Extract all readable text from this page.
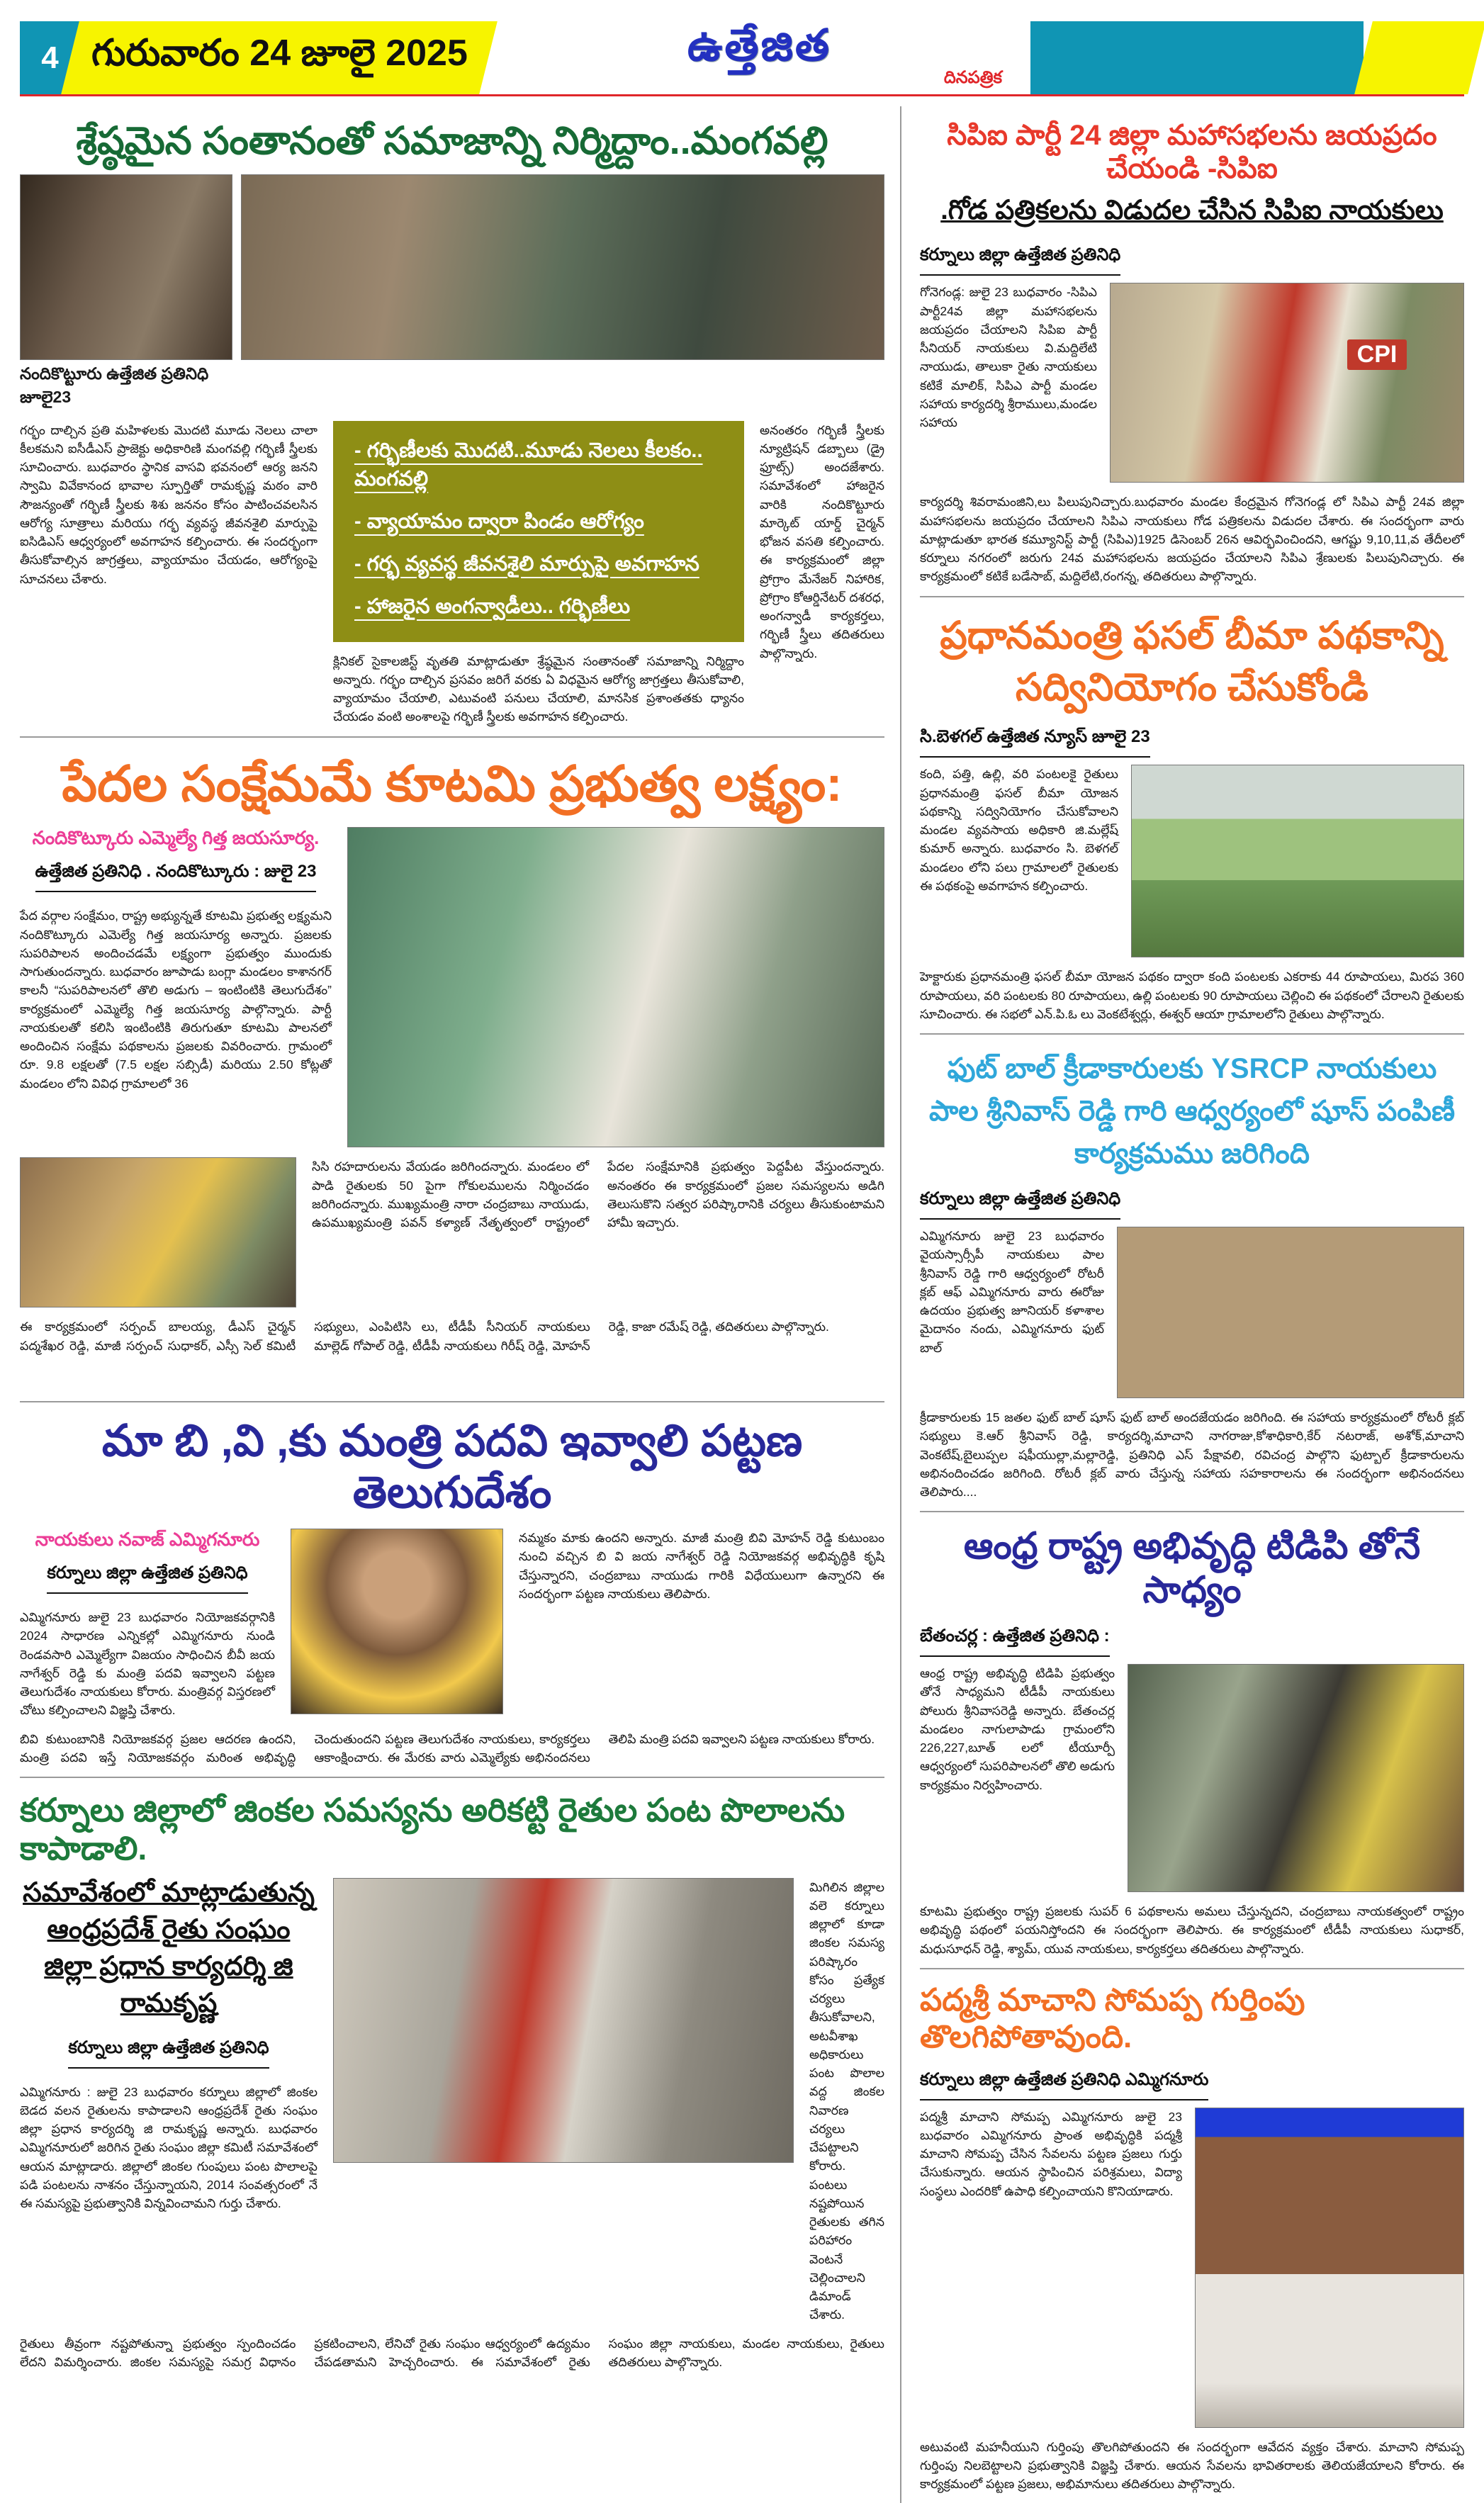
4 గురువారం 24 జూలై 2025	ఉత్తేజిత
దినపత్రిక
శ్రేష్ఠమైన సంతానంతో సమాజాన్ని నిర్మిద్దాం..మంగవల్లి
నందికొట్టూరు ఉత్తేజిత ప్రతినిధి జూలై23
గర్భం దాల్చిన ప్రతి మహిళలకు మొదటి మూడు నెలలు చాలా కీలకమని ఐసీడీఎస్ ప్రాజెక్టు అధికారిణి మంగవల్లి గర్భిణీ స్త్రీలకు సూచించారు. బుధవారం స్థానిక వాసవి భవనంలో ఆర్య జనని స్వామి వివేకానంద భావాల స్ఫూర్తితో రామకృష్ణ మఠం వారి సౌజన్యంతో గర్భిణీ స్త్రీలకు శిశు జననం కోసం పాటించవలసిన ఆరోగ్య సూత్రాలు మరియు గర్భ వ్యవస్థ జీవనశైలి మార్పుపై ఐసిడిఎస్ ఆధ్వర్యంలో అవగాహన కల్పించారు. ఈ సందర్భంగా తీసుకోవాల్సిన జాగ్రత్తలు, వ్యాయామం చేయడం, ఆరోగ్యంపై సూచనలు చేశారు.
- గర్భిణీలకు మొదటి..మూడు నెలలు కీలకం.. మంగవల్లి
- వ్యాయామం ద్వారా పిండం ఆరోగ్యం
- గర్భ వ్యవస్థ జీవనశైలి మార్పుపై అవగాహన
- హాజరైన అంగన్వాడీలు.. గర్భిణీలు
క్లినికల్ సైకాలజిస్ట్ వృతతి మాట్లాడుతూ శ్రేష్ఠమైన సంతానంతో సమాజాన్ని నిర్మిద్దాం అన్నారు. గర్భం దాల్చిన ప్రసవం జరిగే వరకు ఏ విధమైన ఆరోగ్య జాగ్రత్తలు తీసుకోవాలి, వ్యాయామం చేయాలి, ఎటువంటి పనులు చేయాలి, మానసిక ప్రశాంతతకు ధ్యానం చేయడం వంటి అంశాలపై గర్భిణీ స్త్రీలకు అవగాహన కల్పించారు.
అనంతరం గర్భిణీ స్త్రీలకు న్యూట్రిషన్ డబ్బాలు (డ్రై ఫ్రూట్స్) అందజేశారు. సమావేశంలో హాజరైన వారికి నందికొట్టూరు మార్కెట్ యార్డ్ చైర్మన్ భోజన వసతి కల్పించారు. ఈ కార్యక్రమంలో జిల్లా ప్రోగ్రాం మేనేజర్ నిహారిక, ప్రోగ్రాం కోఆర్డినేటర్ దశరధ, అంగన్వాడీ కార్యకర్తలు, గర్భిణీ స్త్రీలు తదితరులు పాల్గొన్నారు.
పేదల సంక్షేమమే కూటమి ప్రభుత్వ లక్ష్యం:
నందికొట్కూరు ఎమ్మెల్యే గిత్త జయసూర్య.
ఉత్తేజిత ప్రతినిధి . నందికొట్కూరు : జులై 23
పేద వర్గాల సంక్షేమం, రాష్ట్ర అభ్యున్నతే కూటమి ప్రభుత్వ లక్ష్యమని నందికొట్కూరు ఎమెల్యే గిత్త జయసూర్య అన్నారు. ప్రజలకు సుపరిపాలన అందించడమే లక్ష్యంగా ప్రభుత్వం ముందుకు సాగుతుందన్నారు. బుధవారం జూపాడు బంగ్లా మండలం కాశానగర్ కాలనీ “సుపరిపాలనలో తొలి అడుగు – ఇంటింటికి తెలుగుదేశం” కార్యక్రమంలో ఎమ్మెల్యే గిత్త జయసూర్య పాల్గొన్నారు. పార్టీ నాయకులతో కలిసి ఇంటింటికి తిరుగుతూ కూటమి పాలనలో అందించిన సంక్షేమ పథకాలను ప్రజలకు వివరించారు. గ్రామంలో రూ. 9.8 లక్షలతో (7.5 లక్షల సబ్సిడీ) మరియు 2.50 కోట్లతో మండలం లోని వివిధ గ్రామాలలో 36
సిసి రహదారులను వేయడం జరిగిందన్నారు. మండలం లో పాడి రైతులకు 50 పైగా గోకులములను నిర్మించడం జరిగిందన్నారు. ముఖ్యమంత్రి నారా చంద్రబాబు నాయుడు, ఉపముఖ్యమంత్రి పవన్ కళ్యాణ్ నేతృత్వంలో రాష్ట్రంలో పేదల సంక్షేమానికి ప్రభుత్వం పెద్దపీట వేస్తుందన్నారు. అనంతరం ఈ కార్యక్రమంలో ప్రజల సమస్యలను అడిగి తెలుసుకొని సత్వర పరిష్కారానికి చర్యలు తీసుకుంటామని హామీ ఇచ్చారు.
ఈ కార్యక్రమంలో సర్పంచ్ బాలయ్య, డీఎస్ చైర్మన్ పద్మశేఖర రెడ్డి, మాజీ సర్పంచ్ సుధాకర్, ఎస్సీ సెల్ కమిటీ సభ్యులు, ఎంపిటిసి లు, టీడీపీ సీనియర్ నాయకులు మాల్లెడ్ గోపాల్ రెడ్డి, టీడీపీ నాయకులు గిరీష్ రెడ్డి, మోహన్ రెడ్డి, కాజా రమేష్ రెడ్డి, తదితరులు పాల్గొన్నారు.
మా బి ,వి ,కు మంత్రి పదవి ఇవ్వాలి పట్టణ తెలుగుదేశం
నాయకులు నవాజ్ ఎమ్మిగనూరు
కర్నూలు జిల్లా ఉత్తేజిత ప్రతినిధి
ఎమ్మిగనూరు జులై 23 బుధవారం నియోజకవర్గానికి 2024 సాధారణ ఎన్నికల్లో ఎమ్మిగనూరు నుండి రెండవసారి ఎమ్మెల్యేగా విజయం సాధించిన బీవీ జయ నాగేశ్వర్ రెడ్డి కు మంత్రి పదవి ఇవ్వాలని పట్టణ తెలుగుదేశం నాయకులు కోరారు. మంత్రివర్గ విస్తరణలో చోటు కల్పించాలని విజ్ఞప్తి చేశారు.
నమ్మకం మాకు ఉందని అన్నారు. మాజీ మంత్రి బివి మోహన్ రెడ్డి కుటుంబం నుంచి వచ్చిన బి వి జయ నాగేశ్వర్ రెడ్డి నియోజకవర్గ అభివృద్ధికి కృషి చేస్తున్నారని, చంద్రబాబు నాయుడు గారికి విధేయులుగా ఉన్నారని ఈ సందర్భంగా పట్టణ నాయకులు తెలిపారు.
బివి కుటుంబానికి నియోజకవర్గ ప్రజల ఆదరణ ఉందని, మంత్రి పదవి ఇస్తే నియోజకవర్గం మరింత అభివృద్ధి చెందుతుందని పట్టణ తెలుగుదేశం నాయకులు, కార్యకర్తలు ఆకాంక్షించారు. ఈ మేరకు వారు ఎమ్మెల్యేకు అభినందనలు తెలిపి మంత్రి పదవి ఇవ్వాలని పట్టణ నాయకులు కోరారు.
కర్నూలు జిల్లాలో జింకల సమస్యను అరికట్టి రైతుల పంట పొలాలను కాపాడాలి.
సమావేశంలో మాట్లాడుతున్న ఆంధ్రప్రదేశ్ రైతు సంఘం జిల్లా ప్రధాన కార్యదర్శి జి రామకృష్ణ
కర్నూలు జిల్లా ఉత్తేజిత ప్రతినిధి
ఎమ్మిగనూరు : జులై 23 బుధవారం కర్నూలు జిల్లాలో జింకల బెడద వలన రైతులను కాపాడాలని ఆంధ్రప్రదేశ్ రైతు సంఘం జిల్లా ప్రధాన కార్యదర్శి జి రామకృష్ణ అన్నారు. బుధవారం ఎమ్మిగనూరులో జరిగిన రైతు సంఘం జిల్లా కమిటీ సమావేశంలో ఆయన మాట్లాడారు. జిల్లాలో జింకల గుంపులు పంట పొలాలపై పడి పంటలను నాశనం చేస్తున్నాయని, 2014 సంవత్సరంలో నే ఈ సమస్యపై ప్రభుత్వానికి విన్నవించామని గుర్తు చేశారు.
మిగిలిన జిల్లాల వలె కర్నూలు జిల్లాలో కూడా జింకల సమస్య పరిష్కారం కోసం ప్రత్యేక చర్యలు తీసుకోవాలని, అటవీశాఖ అధికారులు పంట పొలాల వద్ద జింకల నివారణ చర్యలు చేపట్టాలని కోరారు. పంటలు నష్టపోయిన రైతులకు తగిన పరిహారం వెంటనే చెల్లించాలని డిమాండ్ చేశారు.
రైతులు తీవ్రంగా నష్టపోతున్నా ప్రభుత్వం స్పందించడం లేదని విమర్శించారు. జింకల సమస్యపై సమగ్ర విధానం ప్రకటించాలని, లేనిచో రైతు సంఘం ఆధ్వర్యంలో ఉద్యమం చేపడతామని హెచ్చరించారు. ఈ సమావేశంలో రైతు సంఘం జిల్లా నాయకులు, మండల నాయకులు, రైతులు తదితరులు పాల్గొన్నారు.
సిపిఐ పార్టీ 24 జిల్లా మహాసభలను జయప్రదం చేయండి -సిపిఐ
.గోడ పత్రికలను విడుదల చేసిన సిపిఐ నాయకులు
కర్నూలు జిల్లా ఉత్తేజిత ప్రతినిధి
గోనెగండ్ల: జులై 23 బుధవారం -సిపిఎ పార్టీ24వ జిల్లా మహాసభలను జయప్రదం చేయాలని సిపిఐ పార్టీ సీనియర్ నాయకులు వి.మద్దిలేటి నాయుడు, తాలుకా రైతు నాయకులు కటికే మాలిక్, సిపిఎ పార్టీ మండల సహాయ కార్యదర్శి శ్రీరాములు,మండల సహాయ
CPI
కార్యదర్శి శివరామంజిని,లు పిలుపునిచ్చారు.బుధవారం మండల కేంద్రమైన గోనెగండ్ల లో సిపిఎ పార్టీ 24వ జిల్లా మహాసభలను జయప్రదం చేయాలని సిపిఎ నాయకులు గోడ పత్రికలను విడుదల చేశారు. ఈ సందర్భంగా వారు మాట్లాడుతూ భారత కమ్యూనిస్ట్ పార్టీ (సిపిఎ)1925 డిసెంబర్ 26న ఆవిర్భవించిందని, ఆగష్టు 9,10,11,వ తేదీలలో కర్నూలు నగరంలో జరుగు 24వ మహాసభలను జయప్రదం చేయాలని సిపిఎ శ్రేణులకు పిలుపునిచ్చారు. ఈ కార్యక్రమంలో కటికే బడేసాబ్, మద్దిలేటి,రంగన్న, తదితరులు పాల్గొన్నారు.
ప్రధానమంత్రి ఫసల్ బీమా పథకాన్ని సద్వినియోగం చేసుకోండి
సి.బెళగల్ ఉత్తేజిత న్యూస్ జూలై 23
కంది, పత్తి, ఉల్లి, వరి పంటలకై రైతులు ప్రధానమంత్రి ఫసల్ బీమా యోజన పథకాన్ని సద్వినియోగం చేసుకోవాలని మండల వ్యవసాయ అధికారి జి.మల్లేష్ కుమార్ అన్నారు. బుధవారం సి. బెళగల్ మండలం లోని పలు గ్రామాలలో రైతులకు ఈ పథకంపై అవగాహన కల్పించారు.
హెక్టారుకు ప్రధానమంత్రి ఫసల్ బీమా యోజన పథకం ద్వారా కంది పంటలకు ఎకరాకు 44 రూపాయలు, మిరప 360 రూపాయలు, వరి పంటలకు 80 రూపాయలు, ఉల్లి పంటలకు 90 రూపాయలు చెల్లించి ఈ పథకంలో చేరాలని రైతులకు సూచించారు. ఈ సభలో ఎన్.పి.ఓ లు వెంకటేశ్వర్లు, ఈశ్వర్ ఆయా గ్రామాలలోని రైతులు పాల్గొన్నారు.
ఫుట్ బాల్ క్రీడాకారులకు YSRCP నాయకులు పాల శ్రీనివాస్ రెడ్డి గారి ఆధ్వర్యంలో షూస్ పంపిణీ కార్యక్రమము జరిగింది
కర్నూలు జిల్లా ఉత్తేజిత ప్రతినిధి
ఎమ్మిగనూరు జులై 23 బుధవారం వైయస్సార్సీపీ నాయకులు పాల శ్రీనివాస్ రెడ్డి గారి ఆధ్వర్యంలో రోటరీ క్లబ్ ఆఫ్ ఎమ్మిగనూరు వారు ఈరోజు ఉదయం ప్రభుత్వ జూనియర్ కళాశాల మైదానం నందు, ఎమ్మిగనూరు ఫుట్ బాల్
క్రీడాకారులకు 15 జతల ఫుట్ బాల్ షూస్ ఫుట్ బాల్ అందజేయడం జరిగింది. ఈ సహాయ కార్యక్రమంలో రోటరీ క్లబ్ సభ్యులు కె.ఆర్ శ్రీనివాస్ రెడ్డి, కార్యదర్శి,మాచాని నాగరాజు,కోశాధికారి,కేర్ నటరాజ్, అశోక్,మాచాని వెంకటేష్,బైలుప్పల షఫీయుల్లా,మల్లారెడ్డి, ప్రతినిధి ఎస్ పేక్షావలి, రవిచంద్ర పాల్గొని ఫుట్బాల్ క్రీడాకారులను అభినందించడం జరిగింది. రోటరీ క్లబ్ వారు చేస్తున్న సహాయ సహకారాలను ఈ సందర్భంగా అభినందనలు తెలిపారు....
ఆంధ్ర రాష్ట్ర అభివృద్ధి టిడిపి తోనే సాధ్యం
బేతంచర్ల : ఉత్తేజిత ప్రతినిధి :
ఆంధ్ర రాష్ట్ర అభివృద్ధి టిడిపి ప్రభుత్వం తోనే సాధ్యమని టీడీపీ నాయకులు పోలురు శ్రీనివాసరెడ్డి అన్నారు. బేతంచర్ల మండలం నాగులాపాడు గ్రామంలోని 226,227,బూత్ లలో టీయూర్పీ ఆధ్వర్యంలో సుపరిపాలనలో తొలి అడుగు కార్యక్రమం నిర్వహించారు.
కూటమి ప్రభుత్వం రాష్ట్ర ప్రజలకు సుపర్ 6 పథకాలను అమలు చేస్తున్నదని, చంద్రబాబు నాయకత్వంలో రాష్ట్రం అభివృద్ధి పథంలో పయనిస్తోందని ఈ సందర్భంగా తెలిపారు. ఈ కార్యక్రమంలో టీడీపీ నాయకులు సుధాకర్, మధుసూధన్ రెడ్డి, శ్యామ్, యువ నాయకులు, కార్యకర్తలు తదితరులు పాల్గొన్నారు.
పద్మశ్రీ మాచాని సోమప్ప గుర్తింపు తొలగిపోతావుంది.
కర్నూలు జిల్లా ఉత్తేజిత ప్రతినిధి ఎమ్మిగనూరు
పద్మశ్రీ మాచాని సోమప్ప ఎమ్మిగనూరు జులై 23 బుధవారం ఎమ్మిగనూరు ప్రాంత అభివృద్ధికి పద్మశ్రీ మాచాని సోమప్ప చేసిన సేవలను పట్టణ ప్రజలు గుర్తు చేసుకున్నారు. ఆయన స్థాపించిన పరిశ్రమలు, విద్యా సంస్థలు ఎందరికో ఉపాధి కల్పించాయని కొనియాడారు.
అటువంటి మహనీయుని గుర్తింపు తొలగిపోతుందని ఈ సందర్భంగా ఆవేదన వ్యక్తం చేశారు. మాచాని సోమప్ప గుర్తింపు నిలబెట్టాలని ప్రభుత్వానికి విజ్ఞప్తి చేశారు. ఆయన సేవలను భావితరాలకు తెలియజేయాలని కోరారు. ఈ కార్యక్రమంలో పట్టణ ప్రజలు, అభిమానులు తదితరులు పాల్గొన్నారు.
